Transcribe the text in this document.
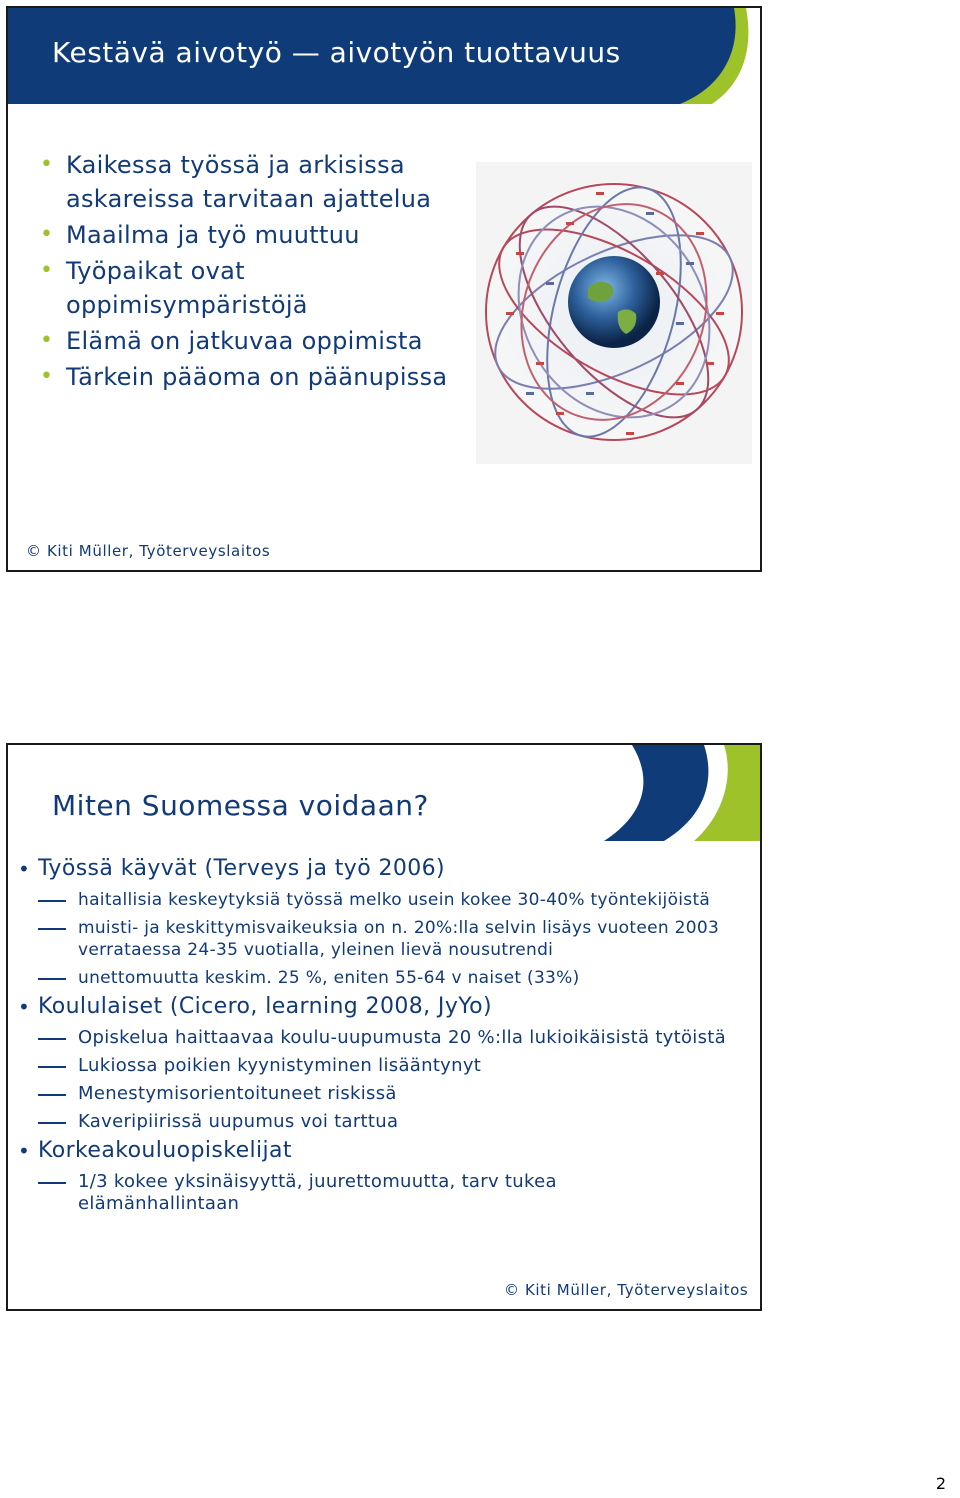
Kestävä aivotyö — aivotyön tuottavuus
• Kaikessa työssä ja arkisissa askareissa tarvitaan ajattelua
• Maailma ja työ muuttuu
• Työpaikat ovat oppimisympäristöjä
• Elämä on jatkuvaa oppimista
• Tärkein pääoma on päänupissa
© Kiti Müller, Työterveyslaitos
Miten Suomessa voidaan?
• Työssä käyvät (Terveys ja työ 2006)
haitallisia keskeytyksiä työssä melko usein kokee 30-40% työntekijöistä
muisti- ja keskittymisvaikeuksia on n. 20%:lla selvin lisäys vuoteen 2003 verrataessa 24-35 vuotialla, yleinen lievä nousutrendi
unettomuutta keskim. 25 %, eniten 55-64 v naiset (33%)
• Koululaiset (Cicero, learning 2008, JyYo)
Opiskelua haittaavaa koulu-uupumusta 20 %:lla lukioikäisistä tytöistä
Lukiossa poikien kyynistyminen lisääntynyt
Menestymisorientoituneet riskissä
Kaveripiirissä uupumus voi tarttua
• Korkeakouluopiskelijat
1/3 kokee yksinäisyyttä, juurettomuutta, tarv tukea elämänhallintaan
© Kiti Müller, Työterveyslaitos
2
